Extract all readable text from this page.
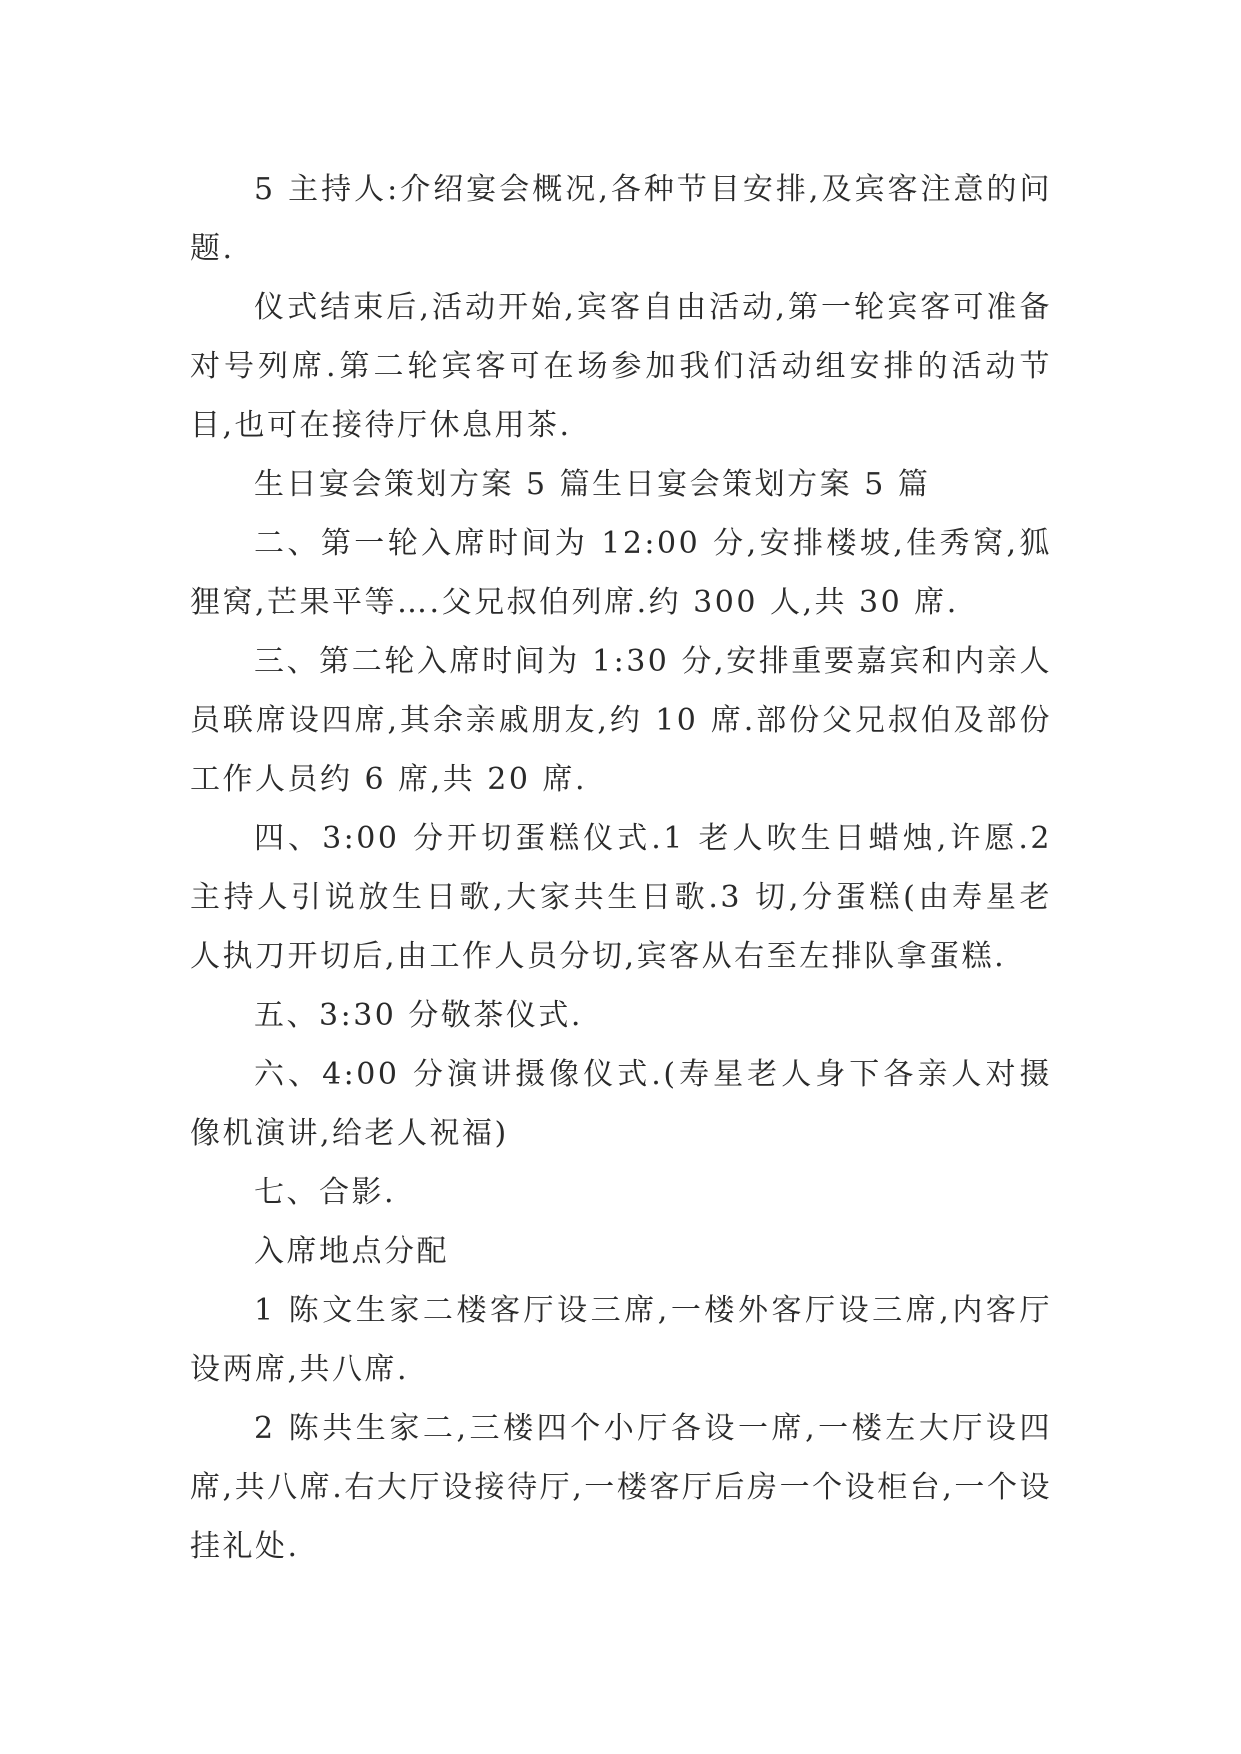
5 主持人:介绍宴会概况,各种节目安排,及宾客注意的问题.

仪式结束后,活动开始,宾客自由活动,第一轮宾客可准备对号列席.第二轮宾客可在场参加我们活动组安排的活动节目,也可在接待厅休息用茶.

生日宴会策划方案 5 篇生日宴会策划方案 5 篇

二、第一轮入席时间为 12:00 分,安排楼坡,佳秀窝,狐狸窝,芒果平等….父兄叔伯列席.约 300 人,共 30 席.

三、第二轮入席时间为 1:30 分,安排重要嘉宾和内亲人员联席设四席,其余亲戚朋友,约 10 席.部份父兄叔伯及部份工作人员约 6 席,共 20 席.

四、3:00 分开切蛋糕仪式.1 老人吹生日蜡烛,许愿.2 主持人引说放生日歌,大家共生日歌.3 切,分蛋糕(由寿星老人执刀开切后,由工作人员分切,宾客从右至左排队拿蛋糕.

五、3:30 分敬茶仪式.

六、4:00 分演讲摄像仪式.(寿星老人身下各亲人对摄像机演讲,给老人祝福)

七、合影.

入席地点分配

1 陈文生家二楼客厅设三席,一楼外客厅设三席,内客厅设两席,共八席.

2 陈共生家二,三楼四个小厅各设一席,一楼左大厅设四席,共八席.右大厅设接待厅,一楼客厅后房一个设柜台,一个设挂礼处.
